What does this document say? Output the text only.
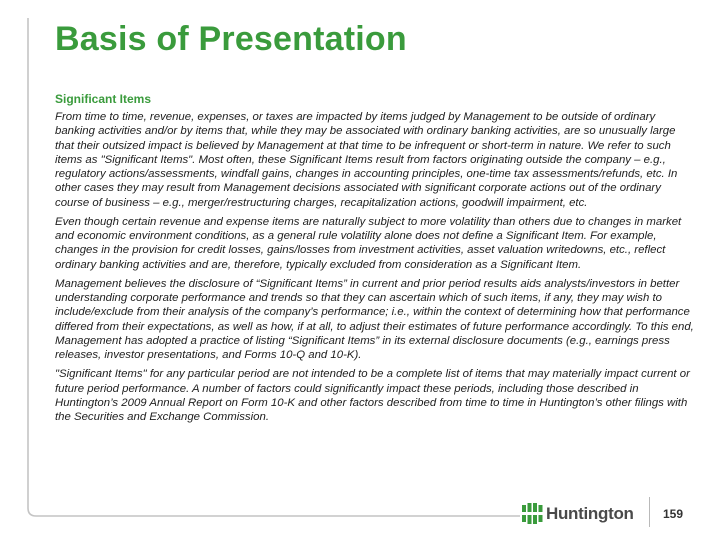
Basis of Presentation
Significant Items

From time to time, revenue, expenses, or taxes are impacted by items judged by Management to be outside of ordinary banking activities and/or by items that, while they may be associated with ordinary banking activities, are so unusually large that their outsized impact is believed by Management at that time to be infrequent or short-term in nature. We refer to such items as "Significant Items". Most often, these Significant Items result from factors originating outside the company – e.g., regulatory actions/assessments, windfall gains, changes in accounting principles, one-time tax assessments/refunds, etc. In other cases they may result from Management decisions associated with significant corporate actions out of the ordinary course of business – e.g., merger/restructuring charges, recapitalization actions, goodwill impairment, etc.

Even though certain revenue and expense items are naturally subject to more volatility than others due to changes in market and economic environment conditions, as a general rule volatility alone does not define a Significant Item. For example, changes in the provision for credit losses, gains/losses from investment activities, asset valuation writedowns, etc., reflect ordinary banking activities and are, therefore, typically excluded from consideration as a Significant Item.

Management believes the disclosure of “Significant Items” in current and prior period results aids analysts/investors in better understanding corporate performance and trends so that they can ascertain which of such items, if any, they may wish to include/exclude from their analysis of the company’s performance; i.e., within the context of determining how that performance differed from their expectations, as well as how, if at all, to adjust their estimates of future performance accordingly. To this end, Management has adopted a practice of listing “Significant Items” in its external disclosure documents (e.g., earnings press releases, investor presentations, and Forms 10-Q and 10-K).

"Significant Items" for any particular period are not intended to be a complete list of items that may materially impact current or future period performance. A number of factors could significantly impact these periods, including those described in Huntington’s 2009 Annual Report on Form 10-K and other factors described from time to time in Huntington’s other filings with the Securities and Exchange Commission.

Huntington 159
